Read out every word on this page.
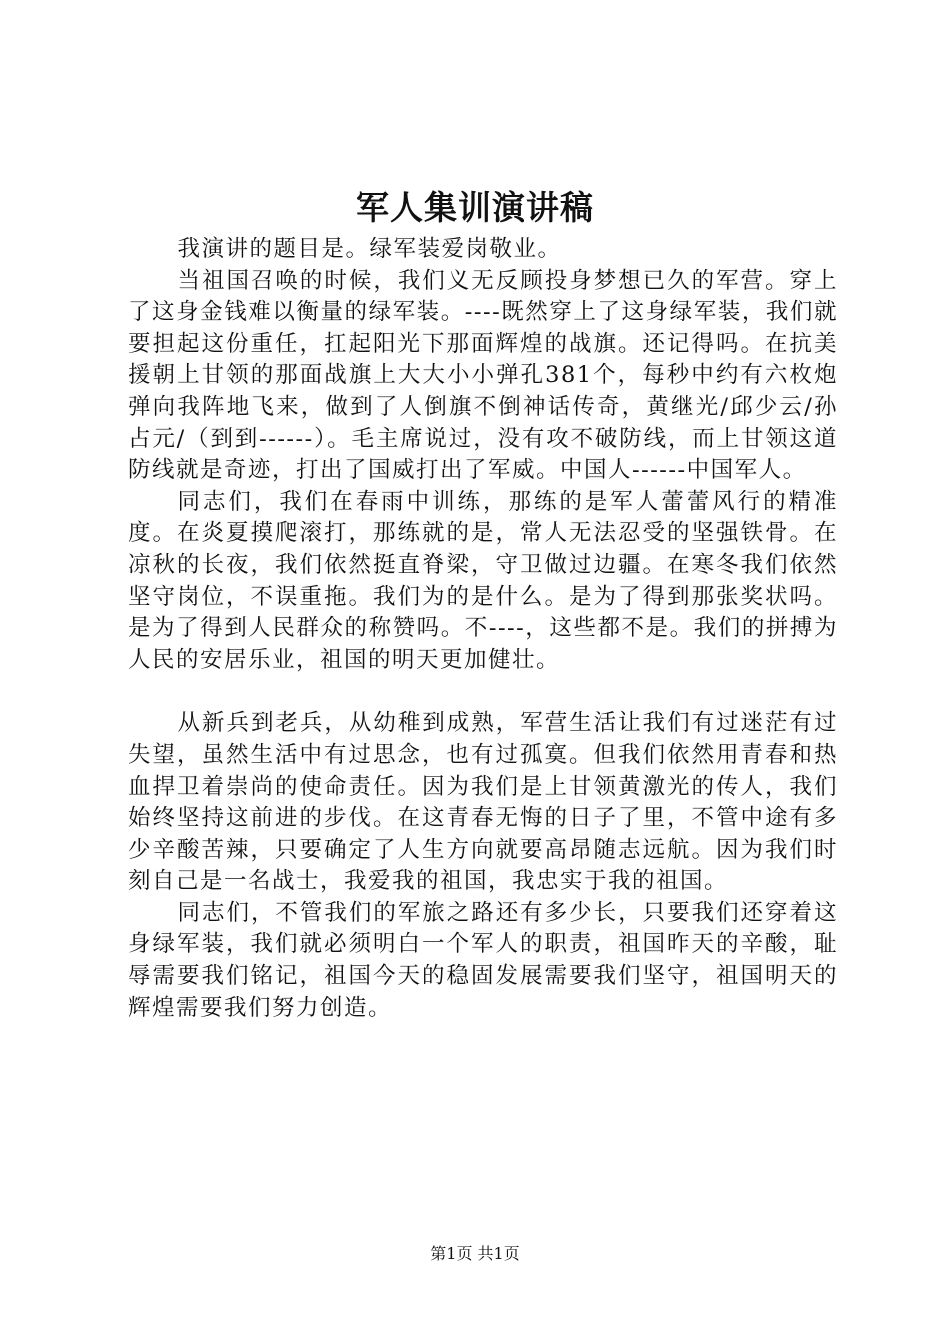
军人集训演讲稿

我演讲的题目是。绿军装爱岗敬业。

当祖国召唤的时候，我们义无反顾投身梦想已久的军营。穿上了这身金钱难以衡量的绿军装。----既然穿上了这身绿军装，我们就要担起这份重任，扛起阳光下那面辉煌的战旗。还记得吗。在抗美援朝上甘领的那面战旗上大大小小弹孔381个，每秒中约有六枚炮弹向我阵地飞来，做到了人倒旗不倒神话传奇，黄继光/邱少云/孙占元/（到到------）。毛主席说过，没有攻不破防线，而上甘领这道防线就是奇迹，打出了国威打出了军威。中国人------中国军人。

同志们，我们在春雨中训练，那练的是军人蕾蕾风行的精准度。在炎夏摸爬滚打，那练就的是，常人无法忍受的坚强铁骨。在凉秋的长夜，我们依然挺直脊梁，守卫做过边疆。在寒冬我们依然坚守岗位，不误重拖。我们为的是什么。是为了得到那张奖状吗。是为了得到人民群众的称赞吗。不----，这些都不是。我们的拼搏为人民的安居乐业，祖国的明天更加健壮。

从新兵到老兵，从幼稚到成熟，军营生活让我们有过迷茫有过失望，虽然生活中有过思念，也有过孤寞。但我们依然用青春和热血捍卫着崇尚的使命责任。因为我们是上甘领黄激光的传人，我们始终坚持这前进的步伐。在这青春无悔的日子了里，不管中途有多少辛酸苦辣，只要确定了人生方向就要高昂随志远航。因为我们时刻自己是一名战士，我爱我的祖国，我忠实于我的祖国。

同志们，不管我们的军旅之路还有多少长，只要我们还穿着这身绿军装，我们就必须明白一个军人的职责，祖国昨天的辛酸，耻辱需要我们铭记，祖国今天的稳固发展需要我们坚守，祖国明天的辉煌需要我们努力创造。

第1页 共1页
